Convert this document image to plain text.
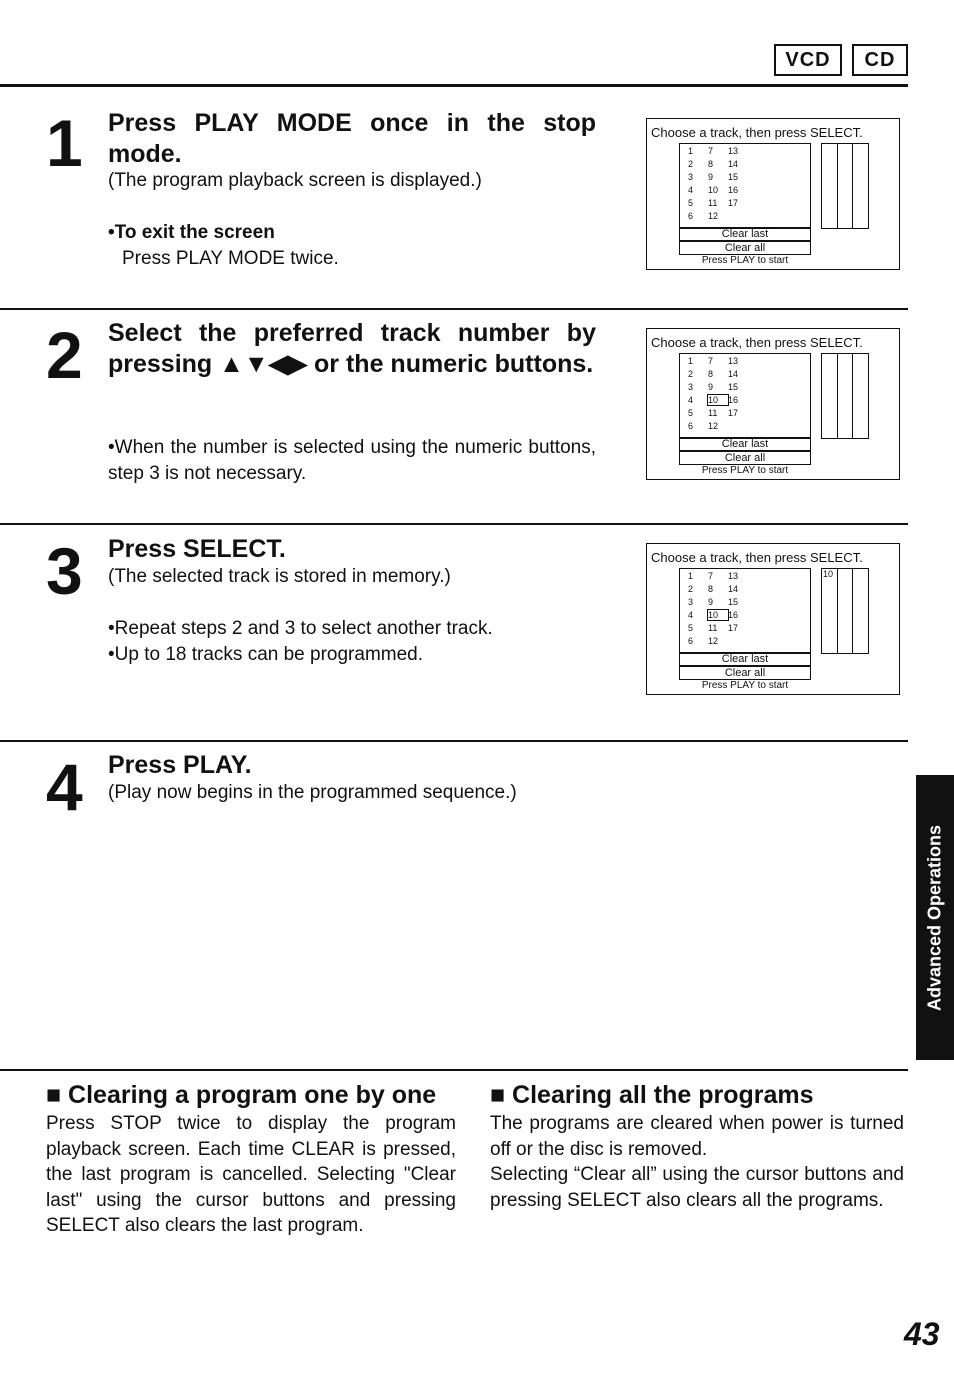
VCD	CD
1 Press PLAY MODE once in the stop mode.
(The program playback screen is displayed.)
•To exit the screen
Press PLAY MODE twice.
Choose a track, then press SELECT.
1 7 13
2 8 14
3 9 15
4 10 16
5 11 17
6 12
Clear last
Clear all
Press PLAY to start
2 Select the preferred track number by pressing ▲▼◀▶ or the numeric buttons.
•When the number is selected using the numeric buttons, step 3 is not necessary.
Choose a track, then press SELECT.
1 7 13
2 8 14
3 9 15
4 10 16
5 11 17
6 12
Clear last
Clear all
Press PLAY to start
3 Press SELECT.
(The selected track is stored in memory.)
•Repeat steps 2 and 3 to select another track.
•Up to 18 tracks can be programmed.
Choose a track, then press SELECT.
1 7 13
2 8 14
3 9 15
4 10 16
5 11 17
6 12
10
Clear last
Clear all
Press PLAY to start
4 Press PLAY.
(Play now begins in the programmed sequence.)
Advanced Operations
■ Clearing a program one by one
Press STOP twice to display the program playback screen. Each time CLEAR is pressed, the last program is cancelled. Selecting "Clear last" using the cursor buttons and pressing SELECT also clears the last program.
■ Clearing all the programs
The programs are cleared when power is turned off or the disc is removed.
Selecting “Clear all” using the cursor buttons and pressing SELECT also clears all the programs.
43
